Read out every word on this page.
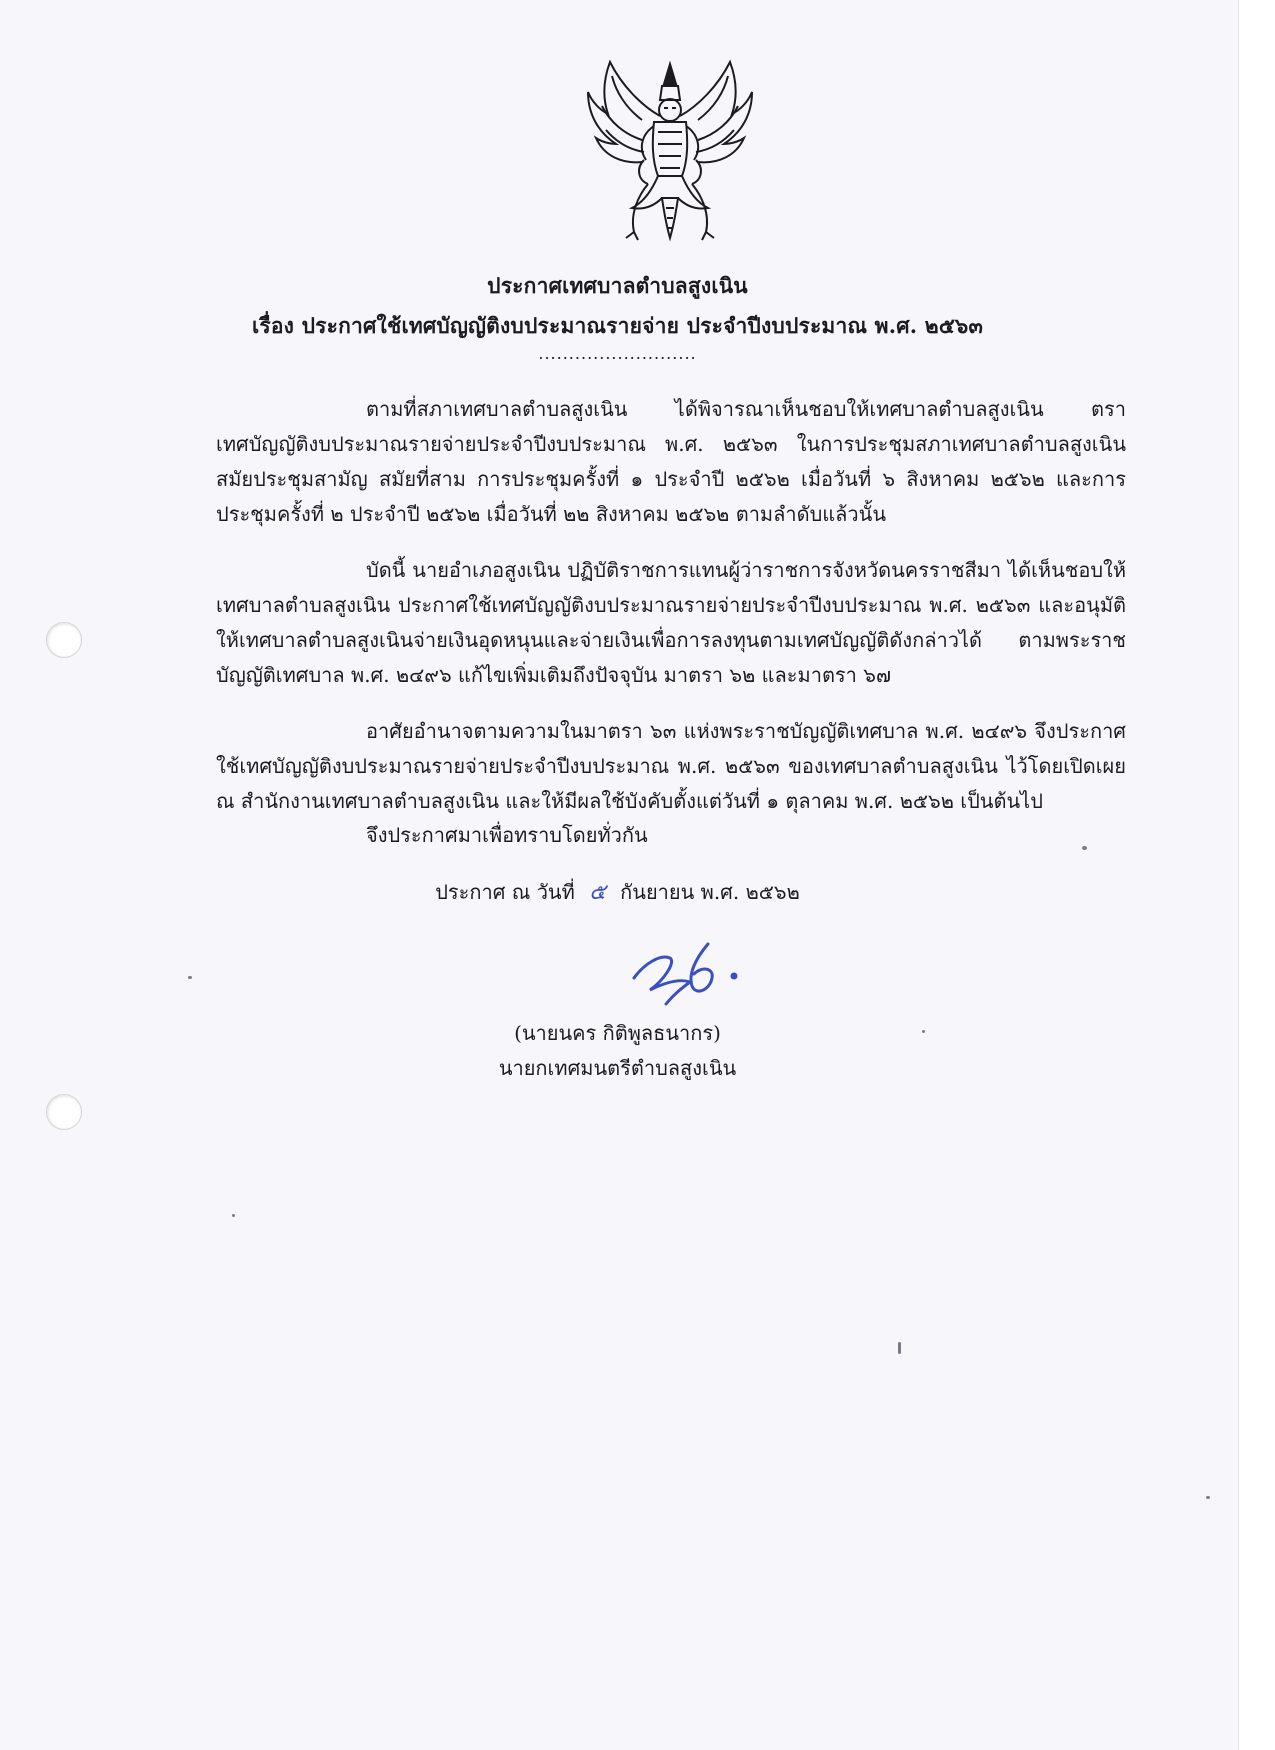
ประกาศเทศบาลตำบลสูงเนิน
เรื่อง ประกาศใช้เทศบัญญัติงบประมาณรายจ่าย ประจำปีงบประมาณ พ.ศ. ๒๕๖๓
..........................

ตามที่สภาเทศบาลตำบลสูงเนิน ได้พิจารณาเห็นชอบให้เทศบาลตำบลสูงเนิน ตราเทศบัญญัติงบประมาณรายจ่ายประจำปีงบประมาณ พ.ศ. ๒๕๖๓ ในการประชุมสภาเทศบาลตำบลสูงเนิน สมัยประชุมสามัญ สมัยที่สาม การประชุมครั้งที่ ๑ ประจำปี ๒๕๖๒ เมื่อวันที่ ๖ สิงหาคม ๒๕๖๒ และการประชุมครั้งที่ ๒ ประจำปี ๒๕๖๒ เมื่อวันที่ ๒๒ สิงหาคม ๒๕๖๒ ตามลำดับแล้วนั้น

บัดนี้ นายอำเภอสูงเนิน ปฏิบัติราชการแทนผู้ว่าราชการจังหวัดนครราชสีมา ได้เห็นชอบให้เทศบาลตำบลสูงเนิน ประกาศใช้เทศบัญญัติงบประมาณรายจ่ายประจำปีงบประมาณ พ.ศ. ๒๕๖๓ และอนุมัติให้เทศบาลตำบลสูงเนินจ่ายเงินอุดหนุนและจ่ายเงินเพื่อการลงทุนตามเทศบัญญัติดังกล่าวได้ ตามพระราชบัญญัติเทศบาล พ.ศ. ๒๔๙๖ แก้ไขเพิ่มเติมถึงปัจจุบัน มาตรา ๖๒ และมาตรา ๖๗

อาศัยอำนาจตามความในมาตรา ๖๓ แห่งพระราชบัญญัติเทศบาล พ.ศ. ๒๔๙๖ จึงประกาศใช้เทศบัญญัติงบประมาณรายจ่ายประจำปีงบประมาณ พ.ศ. ๒๕๖๓ ของเทศบาลตำบลสูงเนิน ไว้โดยเปิดเผย ณ สำนักงานเทศบาลตำบลสูงเนิน และให้มีผลใช้บังคับตั้งแต่วันที่ ๑ ตุลาคม พ.ศ. ๒๕๖๒ เป็นต้นไป

จึงประกาศมาเพื่อทราบโดยทั่วกัน
ประกาศ ณ วันที่ ๕ กันยายน พ.ศ. ๒๕๖๒
(นายนคร กิติพูลธนากร)
นายกเทศมนตรีตำบลสูงเนิน
